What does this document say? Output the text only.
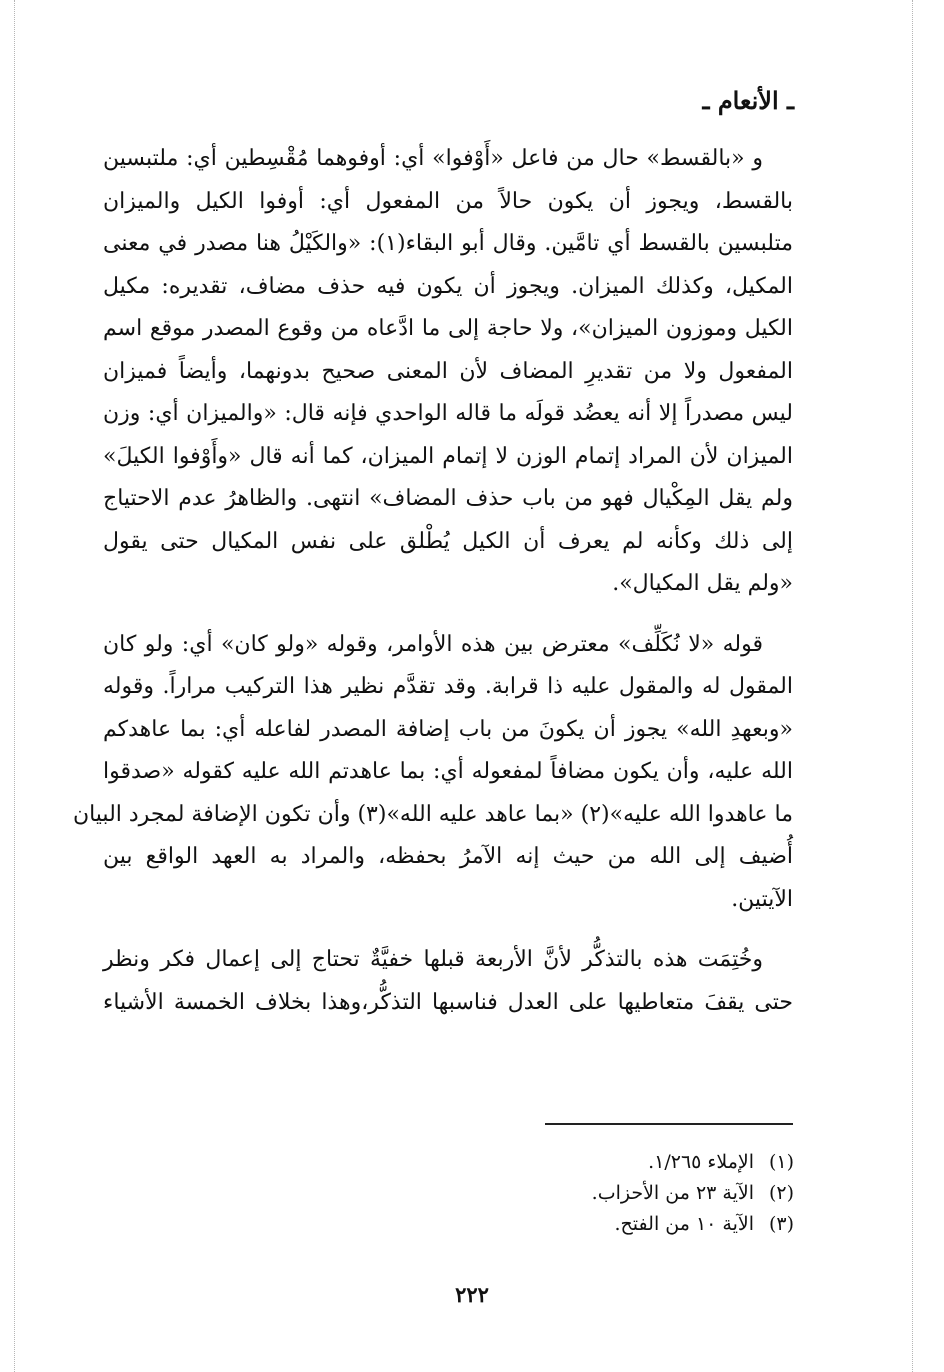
ـ الأنعام ـ
و «بالقسط» حال من فاعل «أَوْفوا» أي: أوفوهما مُقْسِطين أي: ملتبسين
بالقسط، ويجوز أن يكون حالاً من المفعول أي: أوفوا الكيل والميزان
متلبسين بالقسط أي تامَّين. وقال أبو البقاء(١): «والكَيْلُ هنا مصدر في معنى
المكيل، وكذلك الميزان. ويجوز أن يكون فيه حذف مضاف، تقديره: مكيل
الكيل وموزون الميزان»، ولا حاجة إلى ما ادَّعاه من وقوع المصدر موقع اسم
المفعول ولا من تقديرِ المضاف لأن المعنى صحيح بدونهما، وأيضاً فميزان
ليس مصدراً إلا أنه يعضُد قولَه ما قاله الواحدي فإنه قال: «والميزان أي: وزن
الميزان لأن المراد إتمام الوزن لا إتمام الميزان، كما أنه قال «وأَوْفوا الكيلَ»
ولم يقل المِكْيال فهو من باب حذف المضاف» انتهى. والظاهرُ عدم الاحتياج
إلى ذلك وكأنه لم يعرف أن الكيل يُطْلق على نفس المكيال حتى يقول
«ولم يقل المكيال».
قوله «لا نُكَلِّف» معترض بين هذه الأوامر، وقوله «ولو كان» أي: ولو كان
المقول له والمقول عليه ذا قرابة. وقد تقدَّم نظير هذا التركيب مراراً. وقوله
«وبعهدِ الله» يجوز أن يكونَ من باب إضافة المصدر لفاعله أي: بما عاهدكم
الله عليه، وأن يكون مضافاً لمفعوله أي: بما عاهدتم الله عليه كقوله «صدقوا
ما عاهدوا الله عليه»(٢) «بما عاهد عليه الله»(٣) وأن تكون الإضافة لمجرد البيان
أُضيف إلى الله من حيث إنه الآمرُ بحفظه، والمراد به العهد الواقع بين
الآيتين.
وخُتِمَت هذه بالتذكُّر لأنَّ الأربعة قبلها خفيَّةٌ تحتاج إلى إعمال فكر ونظر
حتى يقفَ متعاطيها على العدل فناسبها التذكُّر،وهذا بخلاف الخمسة الأشياء
(١)الإملاء ١/٢٦٥.
(٢)الآية ٢٣ من الأحزاب.
(٣)الآية ١٠ من الفتح.
٢٢٢
